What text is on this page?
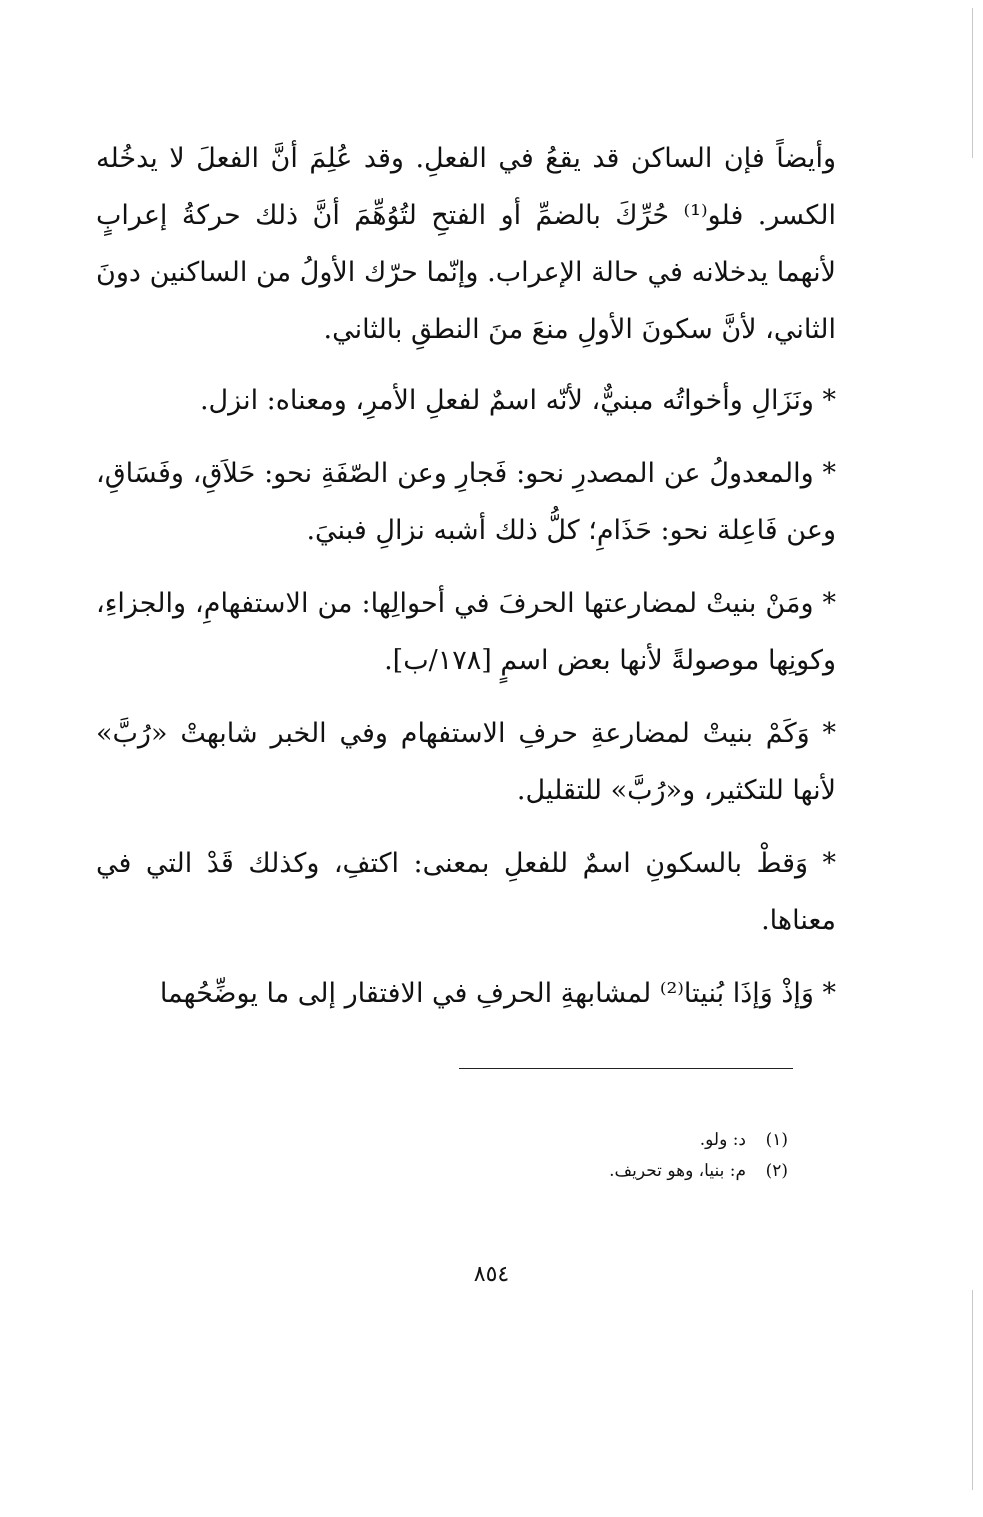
وأيضاً فإن الساكن قد يقعُ في الفعلِ. وقد عُلِمَ أنَّ الفعلَ لا يدخُله الكسر. فلو⁽¹⁾ حُرِّكَ بالضمِّ أو الفتحِ لتُوُهِّمَ أنَّ ذلك حركةُ إعرابٍ لأنهما يدخلانه في حالة الإعراب. وإنّما حرّك الأولُ من الساكنين دونَ الثاني، لأنَّ سكونَ الأولِ منعَ منَ النطقِ بالثاني.

* ونَزَالِ وأخواتُه مبنيٌّ، لأنّه اسمٌ لفعلِ الأمرِ، ومعناه: انزل.

* والمعدولُ عن المصدرِ نحو: فَجارِ وعن الصّفَةِ نحو: حَلاَقِ، وفَسَاقِ، وعن فَاعِلة نحو: حَذَامِ؛ كلُّ ذلك أشبه نزالِ فبنيَ.

* ومَنْ بنيتْ لمضارعتها الحرفَ في أحوالِها: من الاستفهامِ، والجزاءِ، وكونِها موصولةً لأنها بعض اسمٍ [١٧٨/ب].

* وَكَمْ بنيتْ لمضارعةِ حرفِ الاستفهام وفي الخبر شابهتْ «رُبَّ» لأنها للتكثير، و«رُبَّ» للتقليل.

* وَقطْ بالسكونِ اسمٌ للفعلِ بمعنى: اكتفِ، وكذلك قَدْ التي في معناها.

* وَإذْ وَإذَا بُنيتا⁽²⁾ لمشابهةِ الحرفِ في الافتقار إلى ما يوضِّحُهما

(١)د: ولو.
(٢)م: بنيا، وهو تحريف.
٨٥٤
